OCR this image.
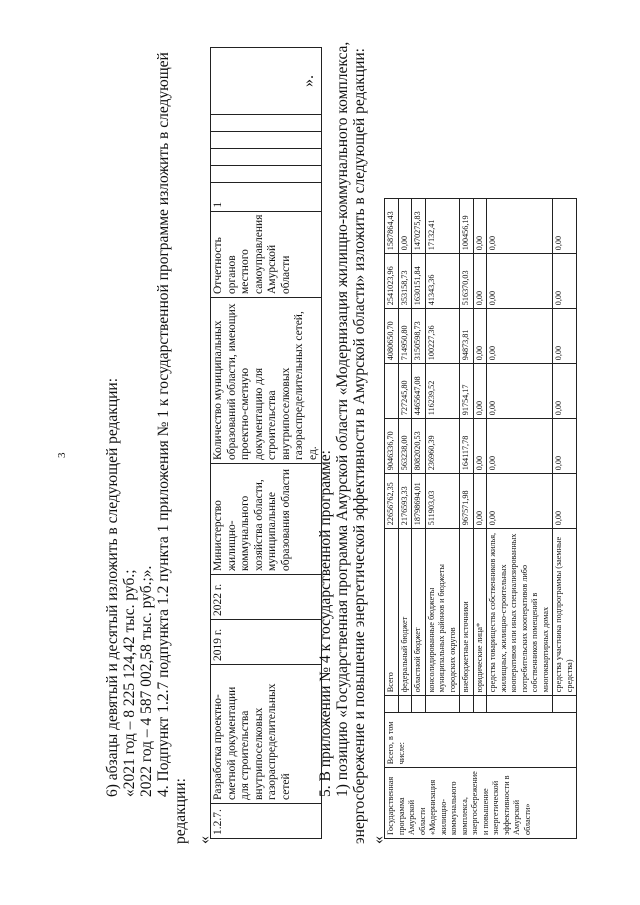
3 6) абзацы девятый и десятый изложить в следующей редакции: «2021 год – 8 225 124,42 тыс. руб.; 2022 год – 4 587 002,58 тыс. руб.;». 4. Подпункт 1.2.7 подпункта 1.2 пункта 1 приложения № 1 к государственной программе изложить в следующей
редакции: «
1.2.7.	Разработка проектно-сметной документации для строительства внутрипоселковых газораспределительных сетей	2019 г.	2022 г.	Министерство жилищно-коммунального хозяйства области, муниципальные образования области	Количество муниципальных образований области, имеющих проектно-сметную документацию для строительства внутрипоселковых газораспределительных сетей, ед.	Отчетность органов местного самоуправления Амурской области	1					
».
5. В приложении № 4 к государственной программе: 1) позицию «Государственная программа Амурской области «Модернизация жилищно-коммунального комплекса, энергосбережение и повышение энергетической эффективности в Амурской области» изложить в следующей редакции: «
Государственная программа Амурской области «Модернизация жилищно-коммунального комплекса, энергосбережение и повышение энергетической эффективности в Амурской области»	Всего, в том числе:		Всего	22656762,35	9046336,70		4080650,70	2541023,96	1587864,43
			федеральный бюджет	2176593,33	563238,00	727245,80	714950,80	353158,73	0,00
			областной бюджет	18798694,01	8082020,53	4465647,08	3150598,73	1630151,84	1470275,83
			консолидированные бюджеты муниципальных районов и бюджеты городских округов	511903,03	236960,39	116239,52	100227,36	41343,36	17132,41
			внебюджетные источники	967571,98	164117,78	91754,17	94873,81	516370,03	100456,19
			юридические лица*	0,00	0,00	0,00	0,00	0,00	0,00
			средства товарищества собственников жилья, жилищных, жилищно-строительных кооперативов или иных специализированных потребительских кооперативов либо собственников помещений в многоквартирных домах	0,00	0,00	0,00	0,00	0,00	0,00
			средства участника подпрограммы (заемные средства)	0,00	0,00	0,00	0,00	0,00	0,00
